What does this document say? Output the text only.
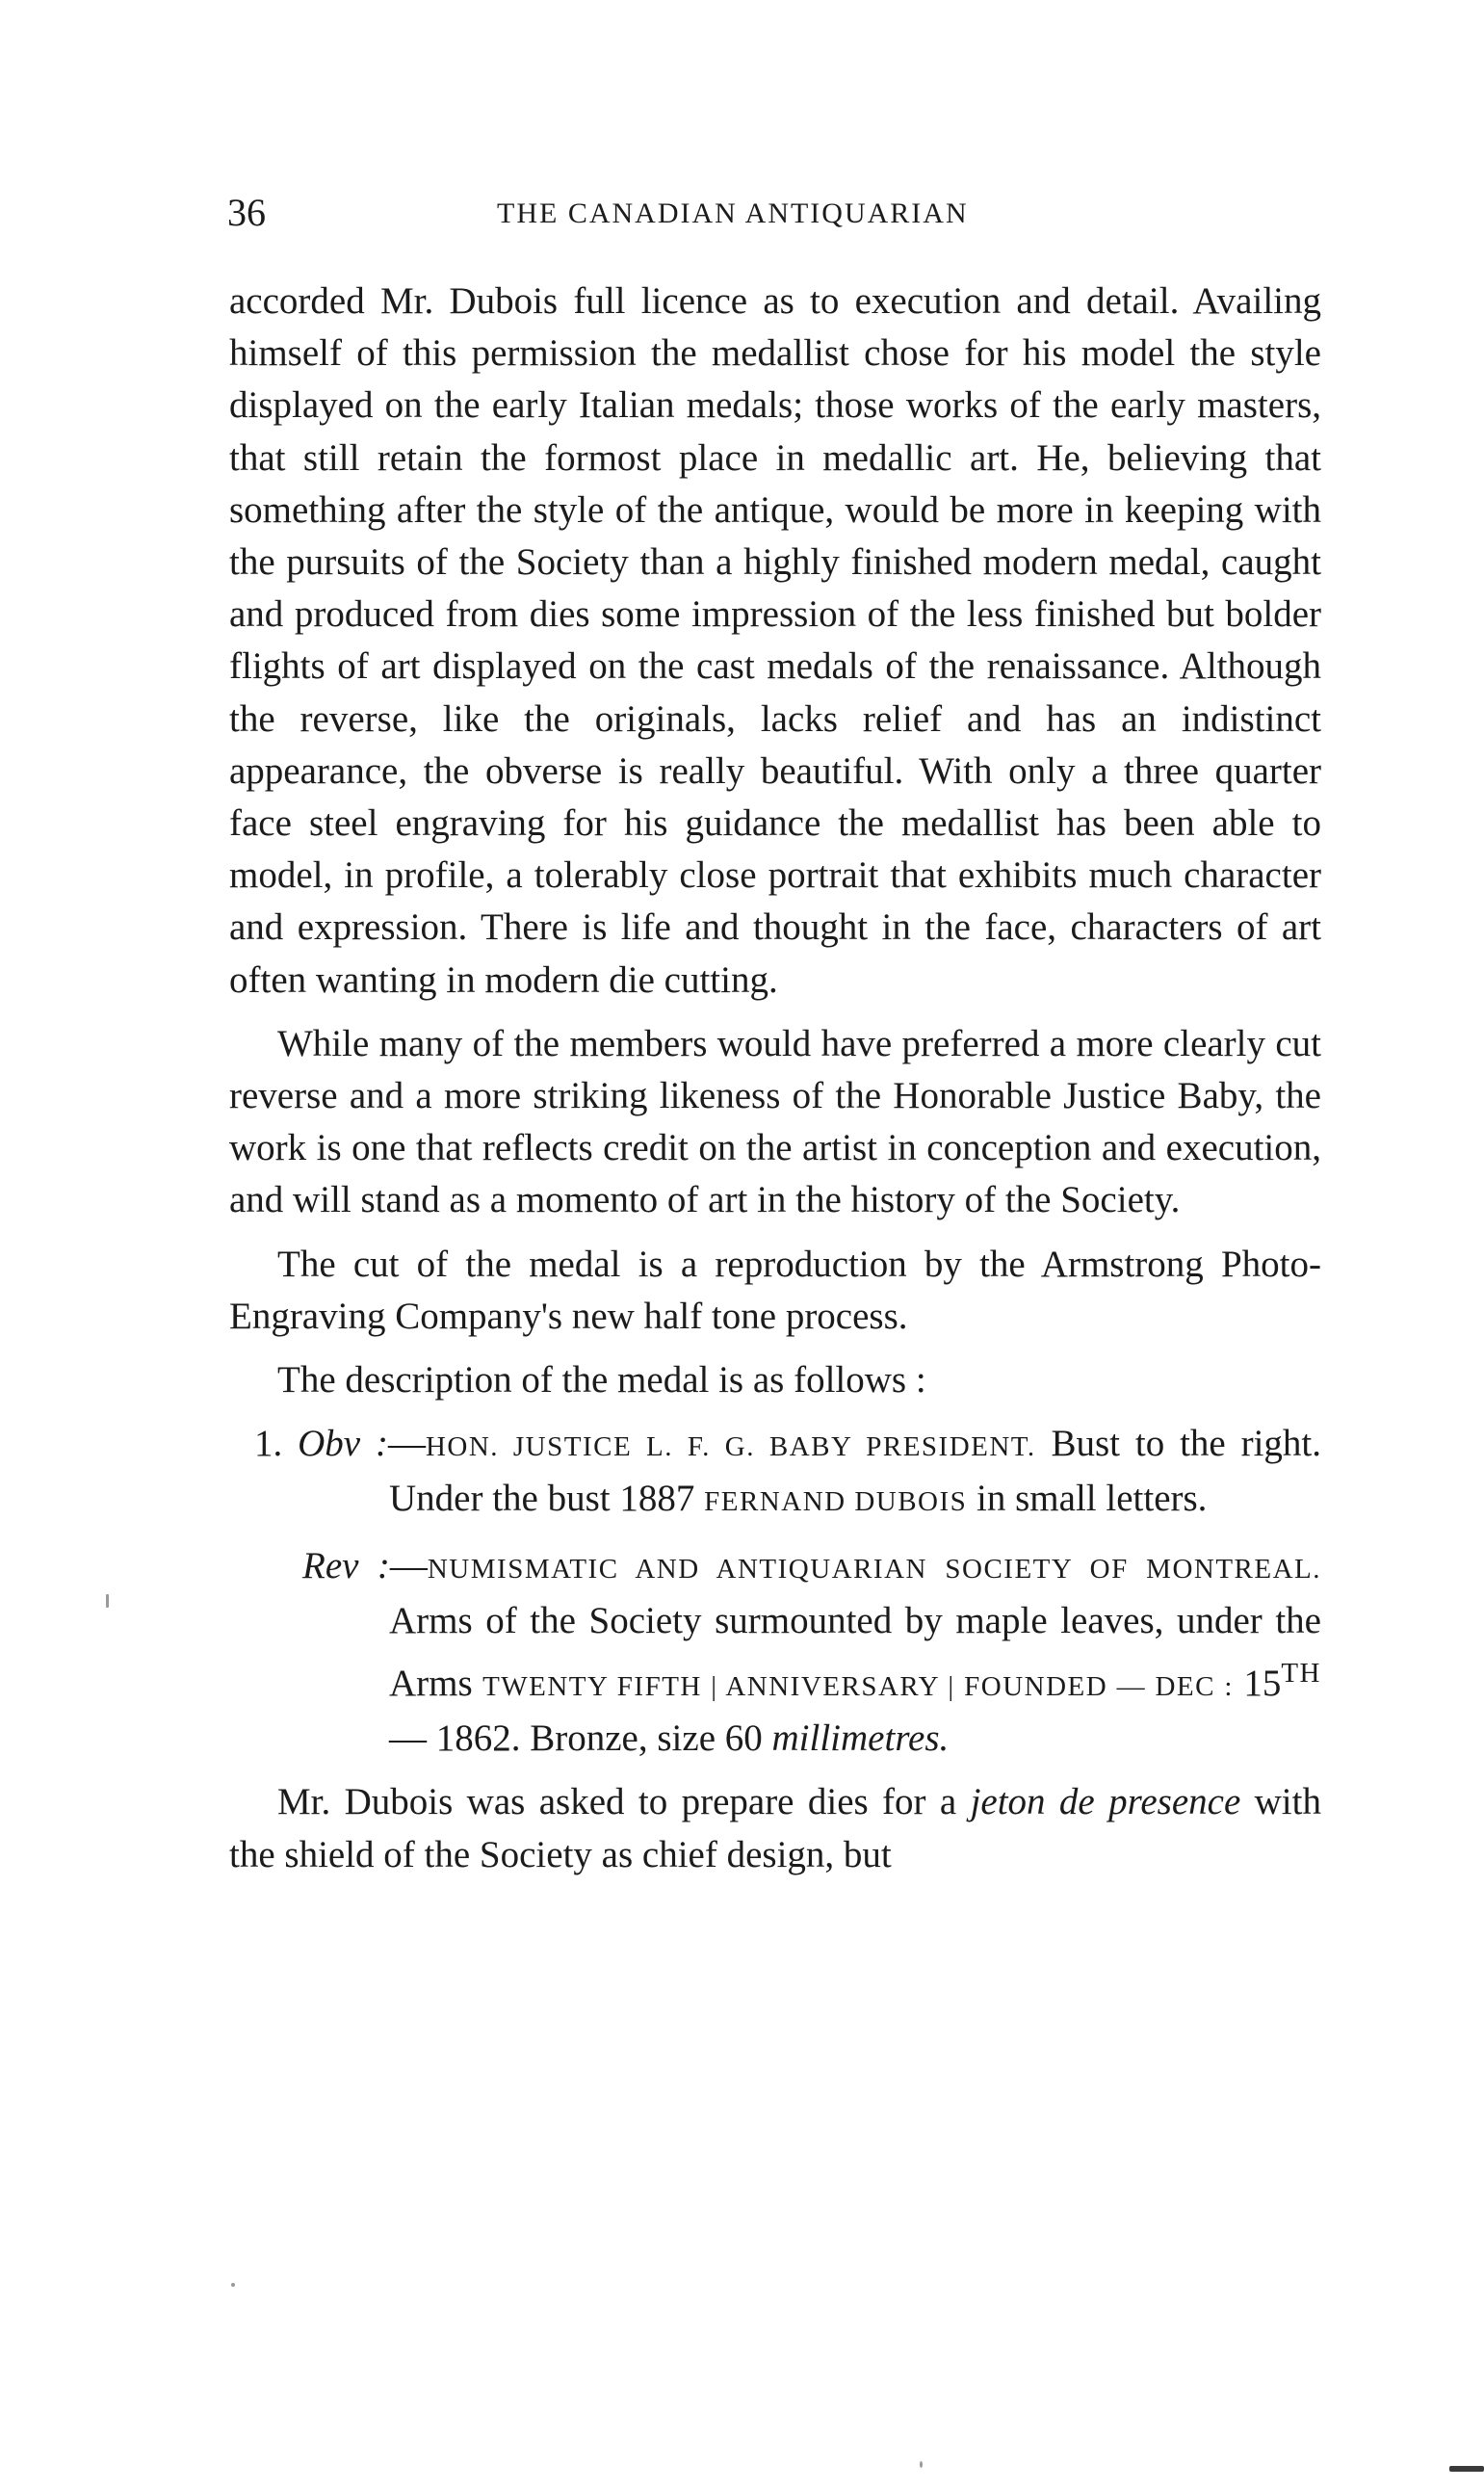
36	THE CANADIAN ANTIQUARIAN

accorded Mr. Dubois full licence as to execution and detail. Availing himself of this permission the medallist chose for his model the style displayed on the early Italian medals; those works of the early masters, that still retain the formost place in medallic art. He, believing that something after the style of the antique, would be more in keeping with the pursuits of the Society than a highly finished modern medal, caught and produced from dies some impression of the less finished but bolder flights of art displayed on the cast medals of the renaissance. Although the reverse, like the originals, lacks relief and has an indistinct appearance, the obverse is really beautiful. With only a three quarter face steel engraving for his guidance the medallist has been able to model, in profile, a tolerably close portrait that exhibits much character and expression. There is life and thought in the face, characters of art often wanting in modern die cutting.

While many of the members would have preferred a more clearly cut reverse and a more striking likeness of the Honorable Justice Baby, the work is one that reflects credit on the artist in conception and execution, and will stand as a momento of art in the history of the Society.

The cut of the medal is a reproduction by the Armstrong Photo-Engraving Company's new half tone process.

The description of the medal is as follows :

1. Obv :—HON. JUSTICE L. F. G. BABY PRESIDENT. Bust to the right. Under the bust 1887 FERNAND DUBOIS in small letters.

Rev :—NUMISMATIC AND ANTIQUARIAN SOCIETY OF MONTREAL. Arms of the Society surmounted by maple leaves, under the Arms TWENTY FIFTH | ANNIVERSARY | FOUNDED — DEC : 15TH — 1862. Bronze, size 60 millimetres.

Mr. Dubois was asked to prepare dies for a jeton de presence with the shield of the Society as chief design, but
